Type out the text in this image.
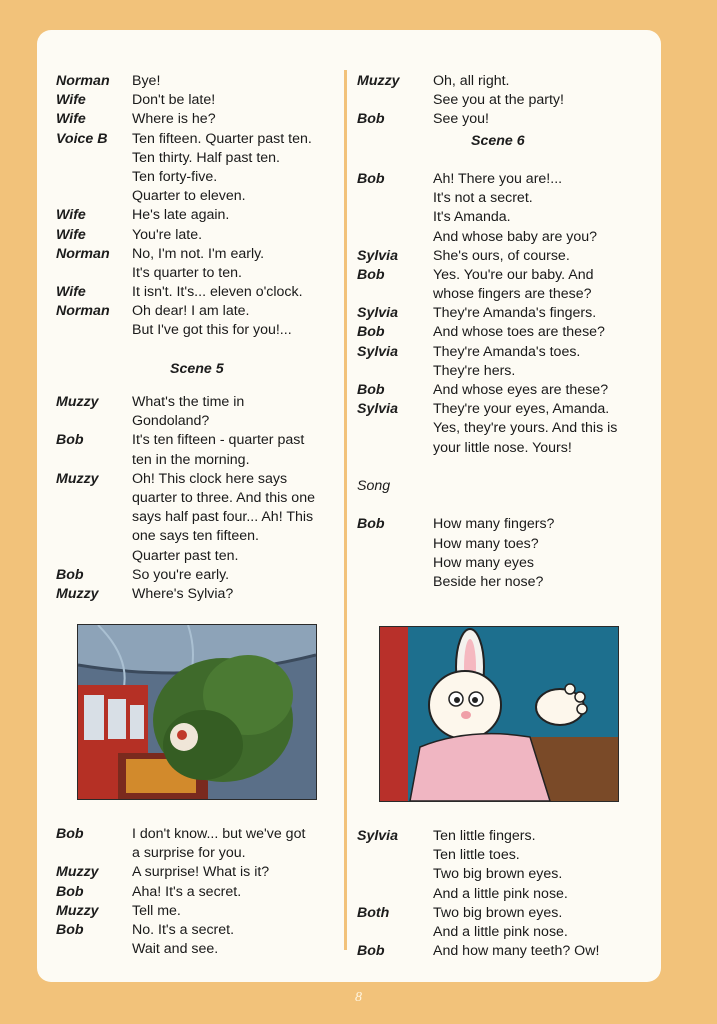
Norman	Bye!
Wife	Don't be late!
Wife	Where is he?
Voice B	Ten fifteen. Quarter past ten.
Ten thirty. Half past ten.
Ten forty-five.
Quarter to eleven.
Wife	He's late again.
Wife	You're late.
Norman	No, I'm not. I'm early.
It's quarter to ten.
Wife	It isn't. It's... eleven o'clock.
Norman	Oh dear! I am late.
But I've got this for you!...
Scene 5
Muzzy	What's the time in
Gondoland?
Bob	It's ten fifteen - quarter past
ten in the morning.
Muzzy	Oh! This clock here says
quarter to three. And this one
says half past four... Ah! This
one says ten fifteen.
Quarter past ten.
Bob	So you're early.
Muzzy	Where's Sylvia?
Bob	I don't know... but we've got
a surprise for you.
Muzzy	A surprise! What is it?
Bob	Aha! It's a secret.
Muzzy	Tell me.
Bob	No. It's a secret.
Wait and see.
Muzzy	Oh, all right.
See you at the party!
Bob	See you!
Scene 6
Bob	Ah! There you are!...
It's not a secret.
It's Amanda.
And whose baby are you?
Sylvia	She's ours, of course.
Bob	Yes. You're our baby. And
whose fingers are these?
Sylvia	They're Amanda's fingers.
Bob	And whose toes are these?
Sylvia	They're Amanda's toes.
They're hers.
Bob	And whose eyes are these?
Sylvia	They're your eyes, Amanda.
Yes, they're yours. And this is
your little nose. Yours!
Song
Bob	How many fingers?
How many toes?
How many eyes
Beside her nose?
Sylvia	Ten little fingers.
Ten little toes.
Two big brown eyes.
And a little pink nose.
Both	Two big brown eyes.
And a little pink nose.
Bob	And how many teeth? Ow!
8
